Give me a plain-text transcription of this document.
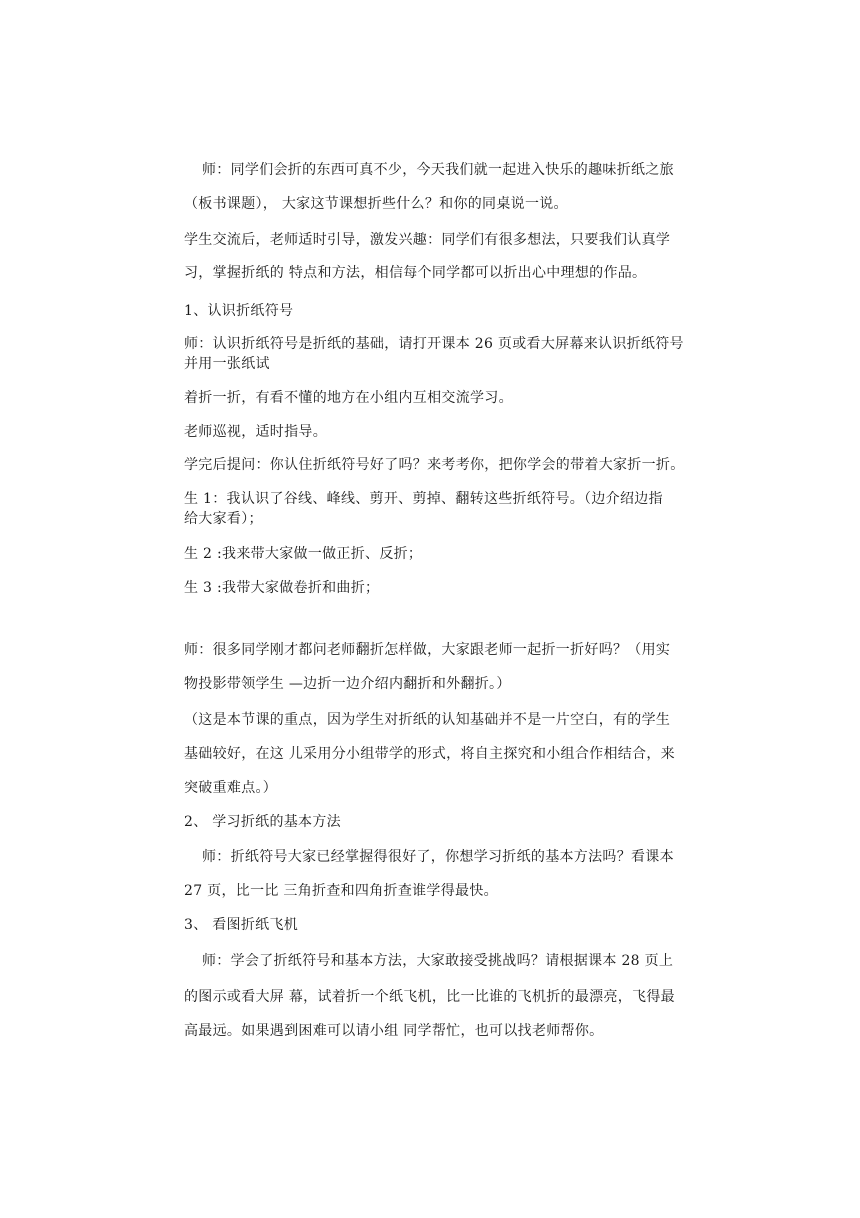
师：同学们会折的东西可真不少，今天我们就一起进入快乐的趣味折纸之旅
（板书课题）， 大家这节课想折些什么？和你的同桌说一说。
学生交流后，老师适时引导，激发兴趣：同学们有很多想法，只要我们认真学
习，掌握折纸的 特点和方法，相信每个同学都可以折出心中理想的作品。
1、认识折纸符号
师：认识折纸符号是折纸的基础，请打开课本 26 页或看大屏幕来认识折纸符号
并用一张纸试
着折一折，有看不懂的地方在小组内互相交流学习。
老师巡视，适时指导。
学完后提问：你认住折纸符号好了吗？来考考你，把你学会的带着大家折一折。
生 1：我认识了谷线、峰线、剪开、剪掉、翻转这些折纸符号。（边介绍边指
给大家看）；
生 2 :我来带大家做一做正折、反折；
生 3 :我带大家做卷折和曲折；
师：很多同学刚才都问老师翻折怎样做，大家跟老师一起折一折好吗？（用实
物投影带领学生 —边折一边介绍内翻折和外翻折。）
（这是本节课的重点，因为学生对折纸的认知基础并不是一片空白，有的学生
基础较好，在这 儿采用分小组带学的形式，将自主探究和小组合作相结合，来
突破重难点。）
2、 学习折纸的基本方法
师：折纸符号大家已经掌握得很好了，你想学习折纸的基本方法吗？看课本
27 页，比一比 三角折查和四角折查谁学得最快。
3、 看图折纸飞机
师：学会了折纸符号和基本方法，大家敢接受挑战吗？请根据课本 28 页上
的图示或看大屏 幕，试着折一个纸飞机，比一比谁的飞机折的最漂亮，飞得最
高最远。如果遇到困难可以请小组 同学帮忙，也可以找老师帮你。
